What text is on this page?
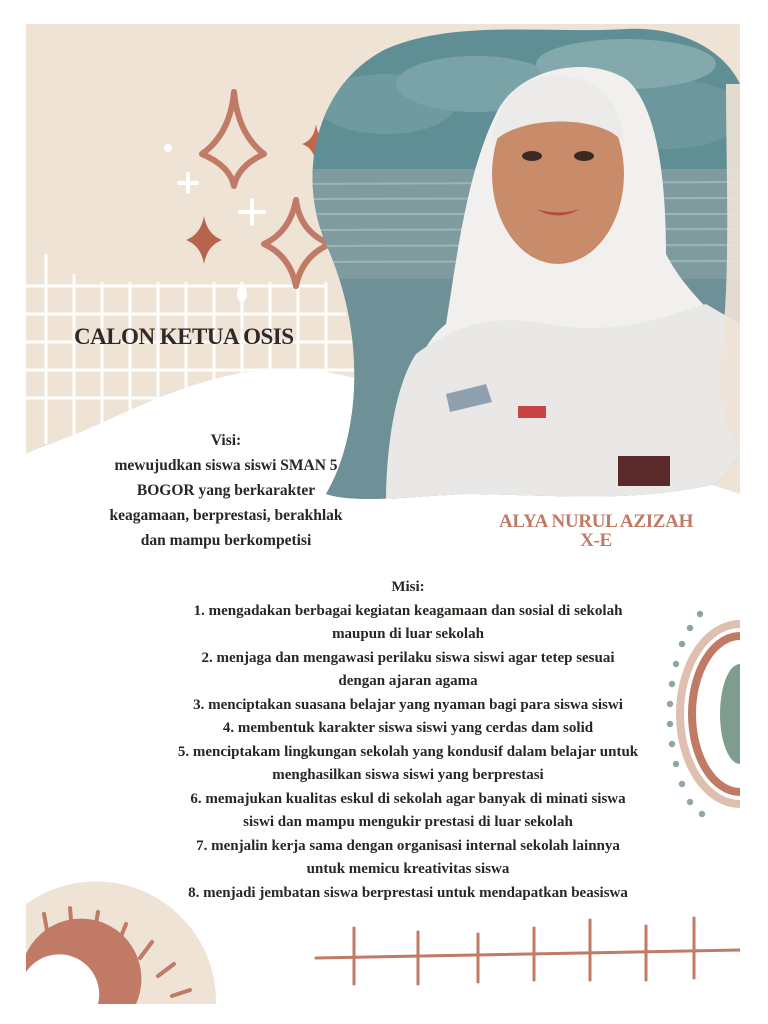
CALON KETUA OSIS
Visi:
mewujudkan siswa siswi SMAN 5
BOGOR yang berkarakter
keagamaan, berprestasi, berakhlak
dan mampu berkompetisi
ALYA NURUL AZIZAH
X-E
Misi:
1. mengadakan berbagai kegiatan keagamaan dan sosial di sekolah
maupun di luar sekolah
2. menjaga dan mengawasi perilaku siswa siswi agar tetep sesuai
dengan ajaran agama
3. menciptakan suasana belajar yang nyaman bagi para siswa siswi
4. membentuk karakter siswa siswi yang cerdas dam solid
5. menciptakam lingkungan sekolah yang kondusif dalam belajar untuk
menghasilkan siswa siswi yang berprestasi
6. memajukan kualitas eskul di sekolah agar banyak di minati siswa
siswi dan mampu mengukir prestasi di luar sekolah
7. menjalin kerja sama dengan organisasi internal sekolah lainnya
untuk memicu kreativitas siswa
8. menjadi jembatan siswa berprestasi untuk mendapatkan beasiswa
